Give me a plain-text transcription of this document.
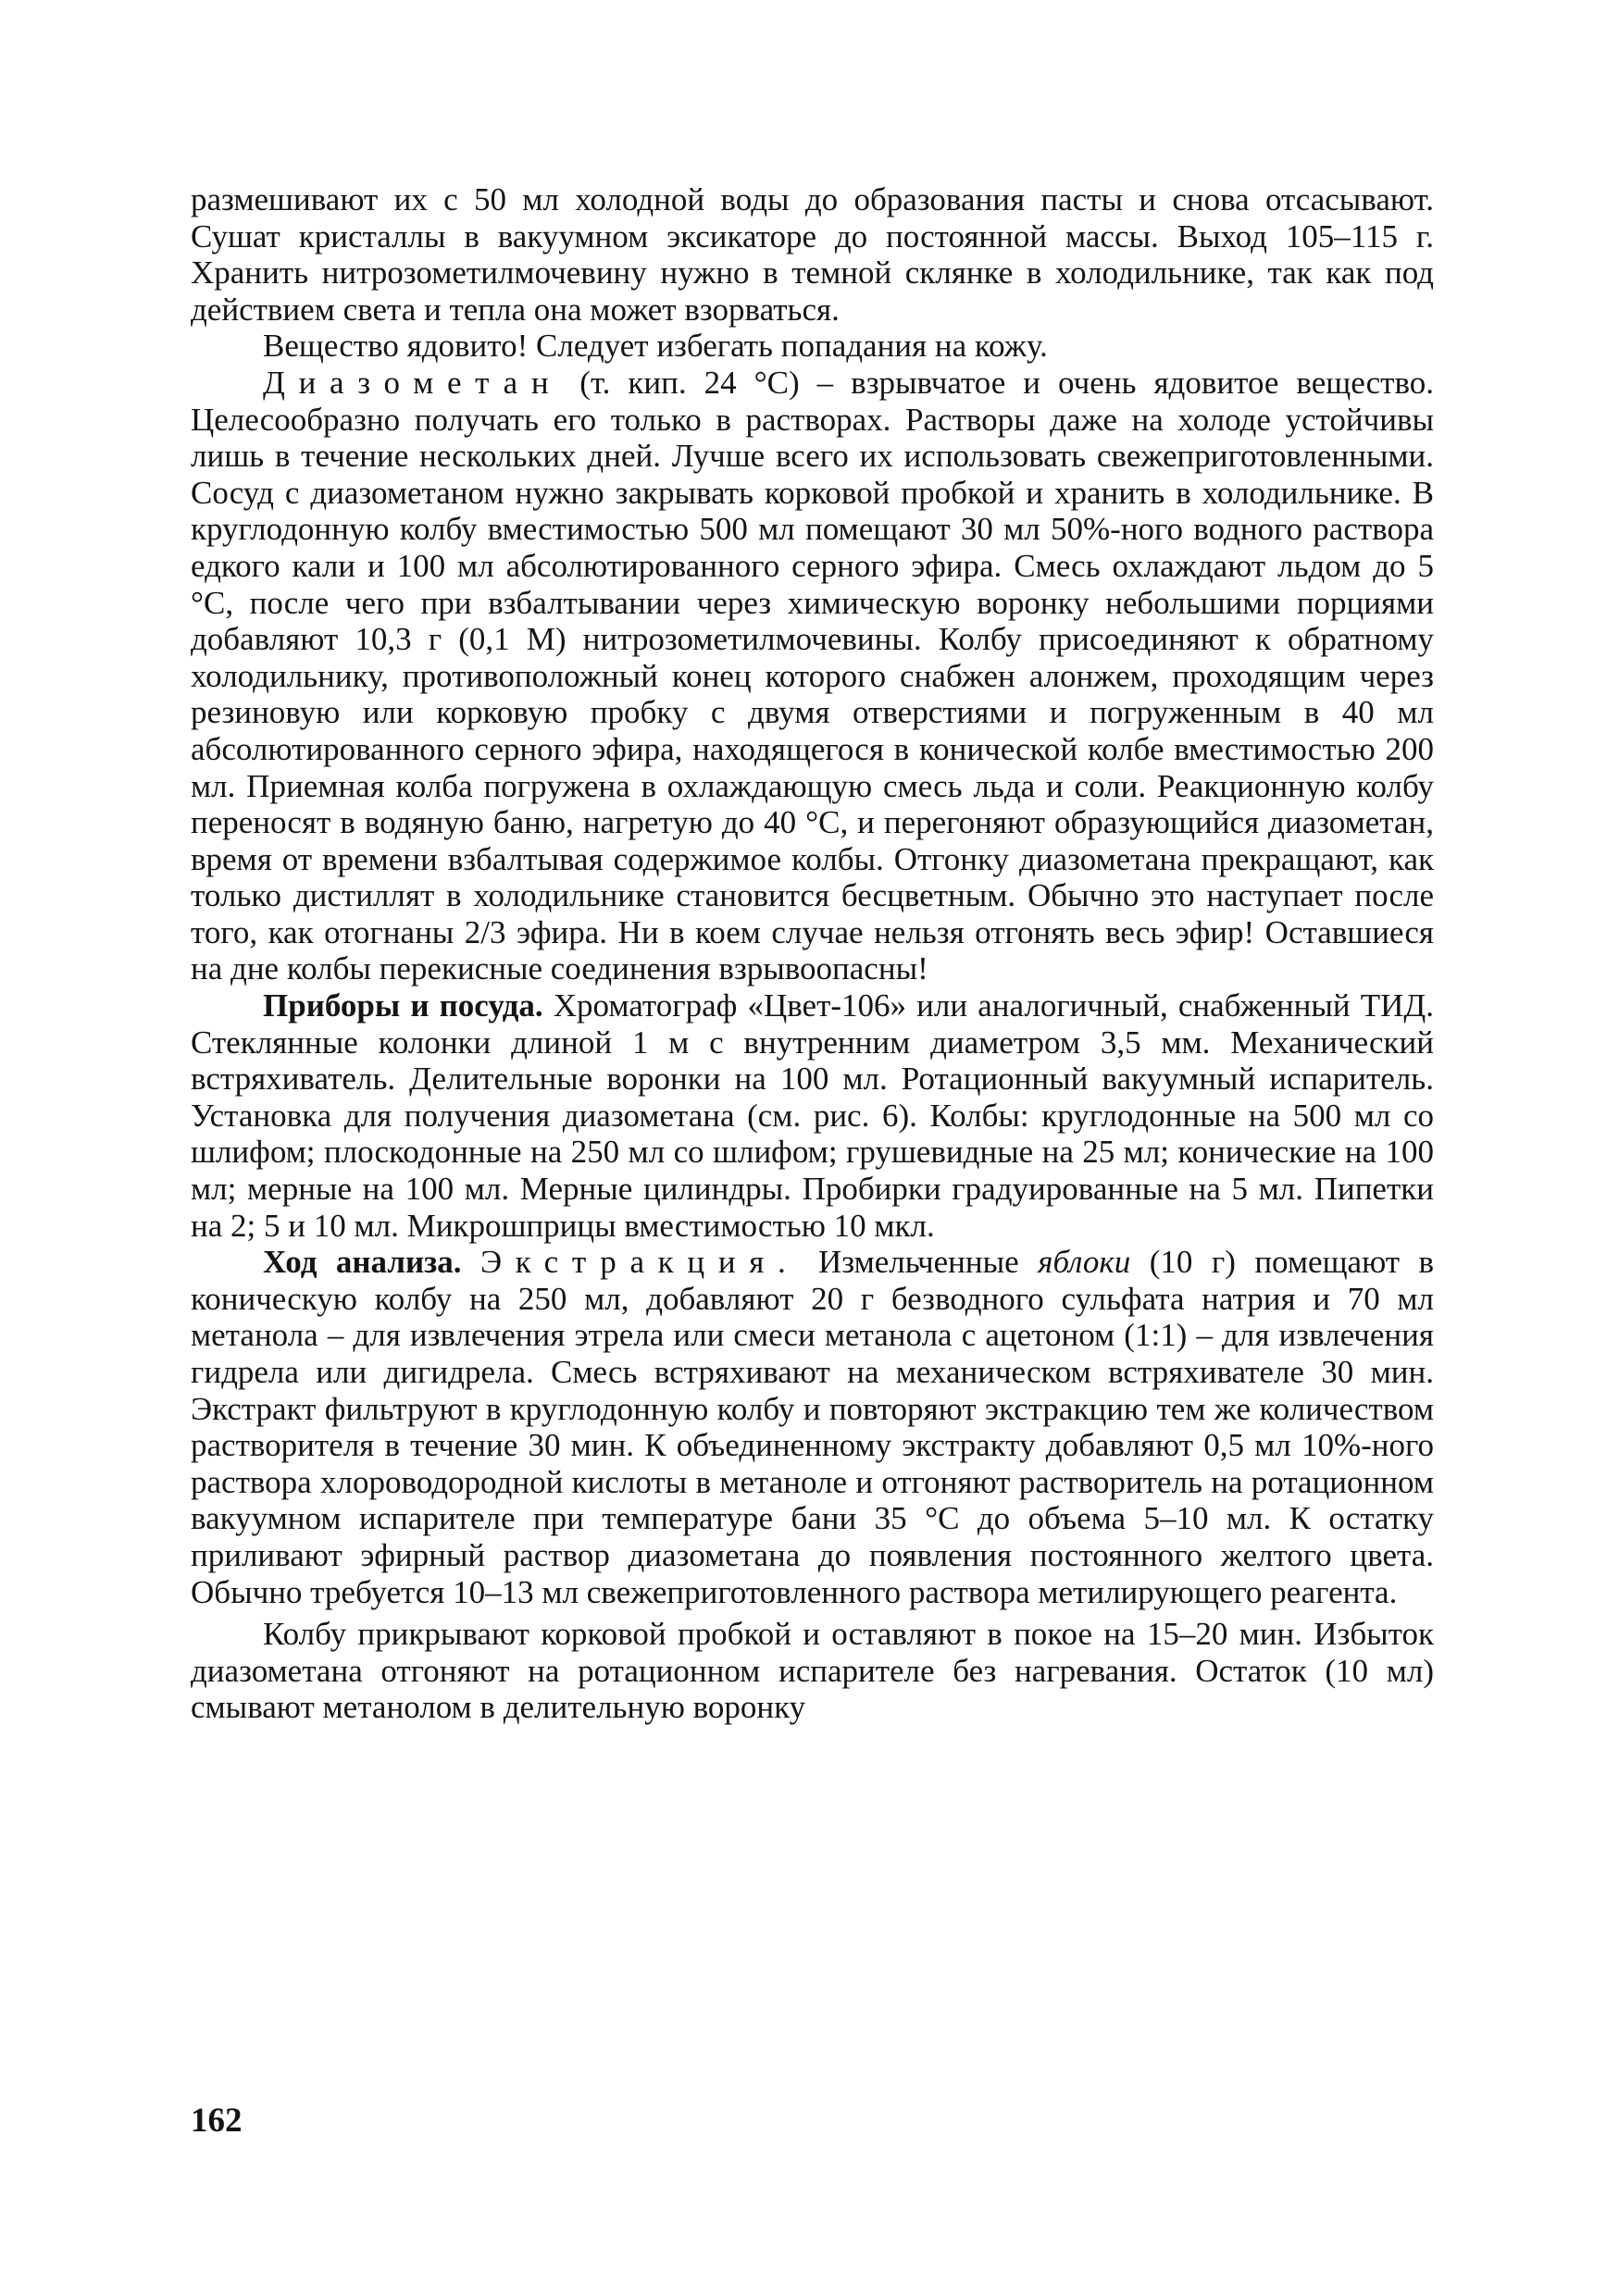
размешивают их с 50 мл холодной воды до образования пасты и снова отсасывают. Сушат кристаллы в вакуумном эксикаторе до постоянной массы. Выход 105–115 г. Хранить нитрозометилмочевину нужно в темной склянке в холодильнике, так как под действием света и тепла она может взорваться.

Вещество ядовито! Следует избегать попадания на кожу.

Диазометан (т. кип. 24 °C) – взрывчатое и очень ядовитое вещество. Целесообразно получать его только в растворах. Растворы даже на холоде устойчивы лишь в течение нескольких дней. Лучше всего их использовать свежеприготовленными. Сосуд с диазометаном нужно закрывать корковой пробкой и хранить в холодильнике. В круглодонную колбу вместимостью 500 мл помещают 30 мл 50%-ного водного раствора едкого кали и 100 мл абсолютированного серного эфира. Смесь охлаждают льдом до 5 °C, после чего при взбалтывании через химическую воронку небольшими порциями добавляют 10,3 г (0,1 М) нитрозометилмочевины. Колбу присоединяют к обратному холодильнику, противоположный конец которого снабжен алонжем, проходящим через резиновую или корковую пробку с двумя отверстиями и погруженным в 40 мл абсолютированного серного эфира, находящегося в конической колбе вместимостью 200 мл. Приемная колба погружена в охлаждающую смесь льда и соли. Реакционную колбу переносят в водяную баню, нагретую до 40 °C, и перегоняют образующийся диазометан, время от времени взбалтывая содержимое колбы. Отгонку диазометана прекращают, как только дистиллят в холодильнике становится бесцветным. Обычно это наступает после того, как отогнаны 2/3 эфира. Ни в коем случае нельзя отгонять весь эфир! Оставшиеся на дне колбы перекисные соединения взрывоопасны!

Приборы и посуда. Хроматограф «Цвет-106» или аналогичный, снабженный ТИД. Стеклянные колонки длиной 1 м с внутренним диаметром 3,5 мм. Механический встряхиватель. Делительные воронки на 100 мл. Ротационный вакуумный испаритель. Установка для получения диазометана (см. рис. 6). Колбы: круглодонные на 500 мл со шлифом; плоскодонные на 250 мл со шлифом; грушевидные на 25 мл; конические на 100 мл; мерные на 100 мл. Мерные цилиндры. Пробирки градуированные на 5 мл. Пипетки на 2; 5 и 10 мл. Микрошприцы вместимостью 10 мкл.

Ход анализа. Экстракция. Измельченные яблоки (10 г) помещают в коническую колбу на 250 мл, добавляют 20 г безводного сульфата натрия и 70 мл метанола – для извлечения этрела или смеси метанола с ацетоном (1:1) – для извлечения гидрела или дигидрела. Смесь встряхивают на механическом встряхивателе 30 мин. Экстракт фильтруют в круглодонную колбу и повторяют экстракцию тем же количеством растворителя в течение 30 мин. К объединенному экстракту добавляют 0,5 мл 10%-ного раствора хлороводородной кислоты в метаноле и отгоняют растворитель на ротационном вакуумном испарителе при температуре бани 35 °C до объема 5–10 мл. К остатку приливают эфирный раствор диазометана до появления постоянного желтого цвета. Обычно требуется 10–13 мл свежеприготовленного раствора метилирующего реагента.

Колбу прикрывают корковой пробкой и оставляют в покое на 15–20 мин. Избыток диазометана отгоняют на ротационном испарителе без нагревания. Остаток (10 мл) смывают метанолом в делительную воронку

162
